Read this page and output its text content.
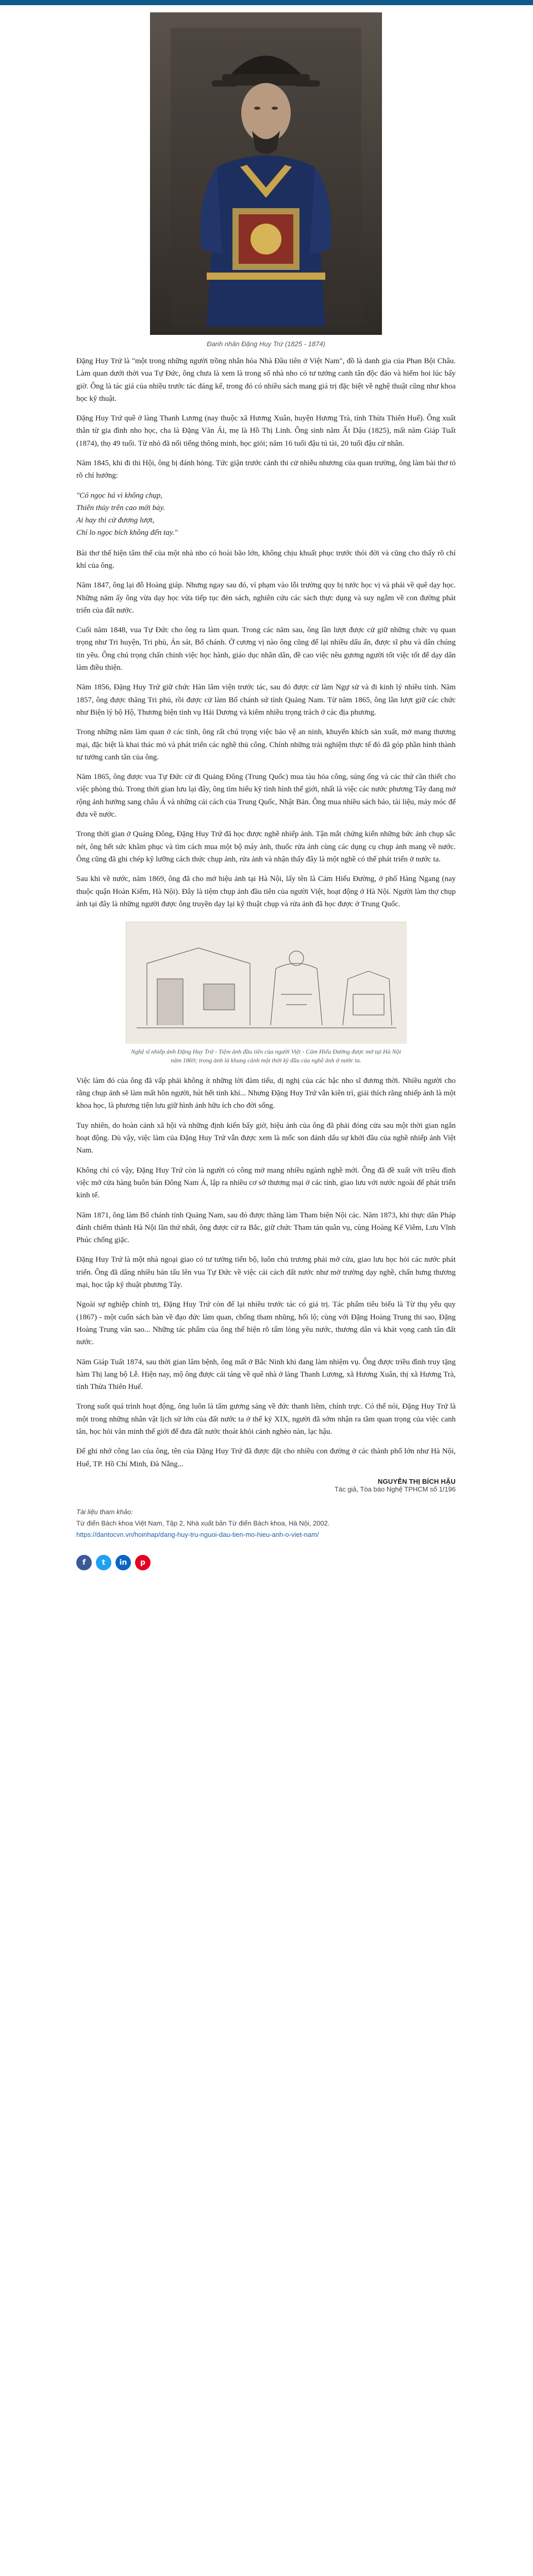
Đanh nhân Đặng Huy Trứ (1825 - 1874)

Đặng Huy Trứ là "một trong những người trồng nhân hóa Nhà Đầu tiên ở Việt Nam", đồ là danh gia của Phan Bội Châu. Làm quan dưới thời vua Tự Đức, ông chưa là xem là trong số nhà nho có tư tưởng canh tân độc đáo và hiếm hoi lúc bấy giờ. Ông là tác giả của nhiều trước tác đáng kể, trong đó có nhiều sách mang giá trị đặc biệt về nghệ thuật cũng như khoa học kỹ thuật.

Đặng Huy Trứ quê ở làng Thanh Lương (nay thuộc xã Hương Xuân, huyện Hương Trà, tỉnh Thừa Thiên Huế). Ông xuất thân từ gia đình nho học, cha là Đặng Văn Ái, mẹ là Hồ Thị Linh. Ông sinh năm Ất Dậu (1825), mất năm Giáp Tuất (1874), thọ 49 tuổi. Từ nhỏ đã nổi tiếng thông minh, học giỏi; năm 16 tuổi đậu tú tài, 20 tuổi đậu cử nhân.

Năm 1845, khi đi thi Hội, ông bị đánh hỏng. Tức giận trước cảnh thi cử nhiễu nhương của quan trường, ông làm bài thơ tỏ rõ chí hướng:

"Có ngọc há vì không chụp,
Thiên thủy trên cao mới bày.
Ai hay thi cử đương lượt,
Chỉ lo ngọc bích không đến tay."

Bài thơ thể hiện tâm thế của một nhà nho có hoài bão lớn, không chịu khuất phục trước thói đời và cũng cho thấy rõ chí khí của ông.

Năm 1847, ông lại đỗ Hoàng giáp. Nhưng ngay sau đó, vì phạm vào lỗi trường quy bị tước học vị và phải về quê dạy học. Những năm ấy ông vừa dạy học vừa tiếp tục đèn sách, nghiên cứu các sách thực dụng và suy ngẫm về con đường phát triển của đất nước.

Cuối năm 1848, vua Tự Đức cho ông ra làm quan. Trong các năm sau, ông lần lượt được cử giữ những chức vụ quan trọng như Tri huyện, Tri phủ, Án sát, Bố chánh. Ở cương vị nào ông cũng để lại nhiều dấu ấn, được sĩ phu và dân chúng tin yêu. Ông chú trọng chấn chỉnh việc học hành, giáo dục nhân dân, đề cao việc nêu gương người tốt việc tốt để dạy dân làm điều thiện.

Năm 1856, Đặng Huy Trứ giữ chức Hàn lâm viện trước tác, sau đó được cử làm Ngự sử và đi kinh lý nhiều tỉnh. Năm 1857, ông được thăng Tri phủ, rồi được cử làm Bố chánh sứ tỉnh Quảng Nam. Từ năm 1865, ông lần lượt giữ các chức như Biện lý bộ Hộ, Thương biện tỉnh vụ Hải Dương và kiêm nhiều trọng trách ở các địa phương.

Trong những năm làm quan ở các tỉnh, ông rất chú trọng việc bảo vệ an ninh, khuyến khích sản xuất, mở mang thương mại, đặc biệt là khai thác mỏ và phát triển các nghề thủ công. Chính những trải nghiệm thực tế đó đã góp phần hình thành tư tưởng canh tân của ông.

Năm 1865, ông được vua Tự Đức cử đi Quảng Đông (Trung Quốc) mua tàu hỏa công, súng ống và các thứ cần thiết cho việc phòng thủ. Trong thời gian lưu lại đây, ông tìm hiểu kỹ tình hình thế giới, nhất là việc các nước phương Tây đang mở rộng ảnh hưởng sang châu Á và những cải cách của Trung Quốc, Nhật Bản. Ông mua nhiều sách báo, tài liệu, máy móc để đưa về nước.

Trong thời gian ở Quảng Đông, Đặng Huy Trứ đã học được nghề nhiếp ảnh. Tận mắt chứng kiến những bức ảnh chụp sắc nét, ông hết sức khâm phục và tìm cách mua một bộ máy ảnh, thuốc rửa ảnh cùng các dụng cụ chụp ảnh mang về nước. Ông cũng đã ghi chép kỹ lưỡng cách thức chụp ảnh, rửa ảnh và nhận thấy đây là một nghề có thể phát triển ở nước ta.

Sau khi về nước, năm 1869, ông đã cho mở hiệu ảnh tại Hà Nội, lấy tên là Cảm Hiếu Đường, ở phố Hàng Ngang (nay thuộc quận Hoàn Kiếm, Hà Nội). Đây là tiệm chụp ảnh đầu tiên của người Việt, hoạt động ở Hà Nội. Người làm thợ chụp ảnh tại đây là những người được ông truyền dạy lại kỹ thuật chụp và rửa ảnh đã học được ở Trung Quốc.

Nghệ sĩ nhiếp ảnh Đặng Huy Trứ - Tiệm ảnh đầu tiên của người Việt - Cảm Hiếu Đường được mở tại Hà Nội năm 1869; trong ảnh là khung cảnh một thời kỳ đầu của nghề ảnh ở nước ta.

Việc làm đó của ông đã vấp phải không ít những lời đàm tiếu, dị nghị của các bậc nho sĩ đương thời. Nhiều người cho rằng chụp ảnh sẽ làm mất hồn người, hút hết tinh khí... Nhưng Đặng Huy Trứ vẫn kiên trì, giải thích rằng nhiếp ảnh là một khoa học, là phương tiện lưu giữ hình ảnh hữu ích cho đời sống.

Tuy nhiên, do hoàn cảnh xã hội và những định kiến bấy giờ, hiệu ảnh của ông đã phải đóng cửa sau một thời gian ngắn hoạt động. Dù vậy, việc làm của Đặng Huy Trứ vẫn được xem là mốc son đánh dấu sự khởi đầu của nghề nhiếp ảnh Việt Nam.

Không chỉ có vậy, Đặng Huy Trứ còn là người có công mở mang nhiều ngành nghề mới. Ông đã đề xuất với triều đình việc mở cửa hàng buôn bán Đông Nam Á, lập ra nhiều cơ sở thương mại ở các tỉnh, giao lưu với nước ngoài để phát triển kinh tế.

Năm 1871, ông làm Bố chánh tỉnh Quảng Nam, sau đó được thăng làm Tham biện Nội các. Năm 1873, khi thực dân Pháp đánh chiếm thành Hà Nội lần thứ nhất, ông được cử ra Bắc, giữ chức Tham tán quân vụ, cùng Hoàng Kế Viêm, Lưu Vĩnh Phúc chống giặc.

Đặng Huy Trứ là một nhà ngoại giao có tư tưởng tiến bộ, luôn chủ trương phải mở cửa, giao lưu học hỏi các nước phát triển. Ông đã dâng nhiều bản tấu lên vua Tự Đức về việc cải cách đất nước như mở trường dạy nghề, chấn hưng thương mại, học tập kỹ thuật phương Tây.

Ngoài sự nghiệp chính trị, Đặng Huy Trứ còn để lại nhiều trước tác có giá trị. Tác phẩm tiêu biểu là Từ thụ yếu quy (1867) - một cuốn sách bàn về đạo đức làm quan, chống tham nhũng, hối lộ; cùng với Đặng Hoàng Trung thi sao, Đặng Hoàng Trung văn sao... Những tác phẩm của ông thể hiện rõ tấm lòng yêu nước, thương dân và khát vọng canh tân đất nước.

Năm Giáp Tuất 1874, sau thời gian lâm bệnh, ông mất ở Bắc Ninh khi đang làm nhiệm vụ. Ông được triều đình truy tặng hàm Thị lang bộ Lễ. Hiện nay, mộ ông được cải táng về quê nhà ở làng Thanh Lương, xã Hương Xuân, thị xã Hương Trà, tỉnh Thừa Thiên Huế.

Trong suốt quá trình hoạt động, ông luôn là tấm gương sáng về đức thanh liêm, chính trực. Có thể nói, Đặng Huy Trứ là một trong những nhân vật lịch sử lớn của đất nước ta ở thế kỷ XIX, người đã sớm nhận ra tầm quan trọng của việc canh tân, học hỏi văn minh thế giới để đưa đất nước thoát khỏi cảnh nghèo nàn, lạc hậu.

Để ghi nhớ công lao của ông, tên của Đặng Huy Trứ đã được đặt cho nhiều con đường ở các thành phố lớn như Hà Nội, Huế, TP. Hồ Chí Minh, Đà Nẵng...

NGUYỄN THỊ BÍCH HẬU
Tác giả, Tòa báo Nghệ TPHCM số 1/196
Tài liệu tham khảo:
Từ điển Bách khoa Việt Nam, Tập 2, Nhà xuất bản Từ điển Bách khoa, Hà Nội, 2002.
https://dantocvn.vn/hoinhap/dang-huy-tru-nguoi-dau-tien-mo-hieu-anh-o-viet-nam/
f	t	in	p
